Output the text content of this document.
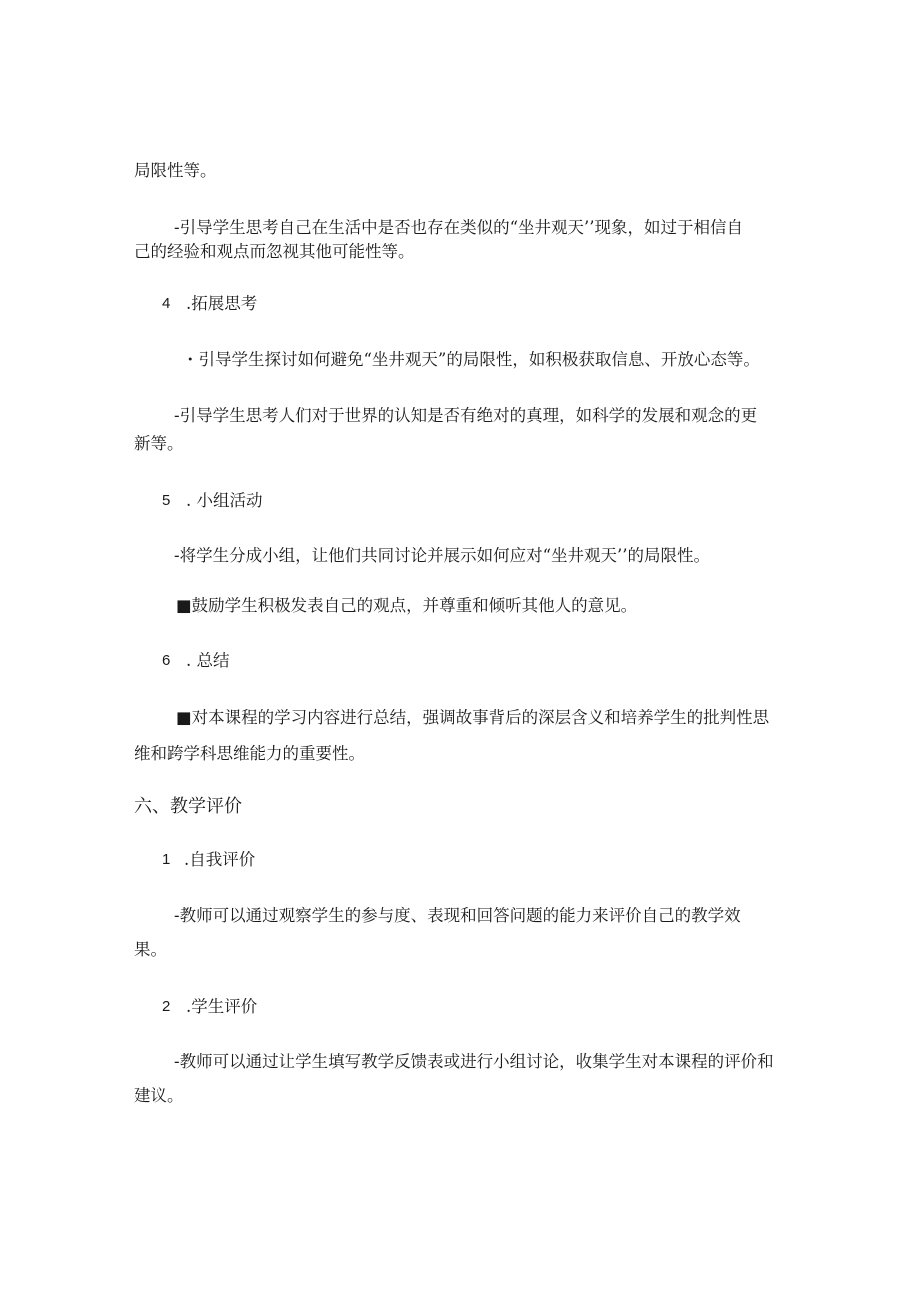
局限性等。
-引导学生思考自己在生活中是否也存在类似的“坐井观天’’现象，如过于相信自
己的经验和观点而忽视其他可能性等。
4 .拓展思考
・引导学生探讨如何避免“坐井观天”的局限性，如积极获取信息、开放心态等。
-引导学生思考人们对于世界的认知是否有绝对的真理，如科学的发展和观念的更
新等。
5 . 小组活动
-将学生分成小组，让他们共同讨论并展示如何应对“坐井观天’’的局限性。
■鼓励学生积极发表自己的观点，并尊重和倾听其他人的意见。
6 . 总结
■对本课程的学习内容进行总结，强调故事背后的深层含义和培养学生的批判性思
维和跨学科思维能力的重要性。
六、教学评价
1 .自我评价
-教师可以通过观察学生的参与度、表现和回答问题的能力来评价自己的教学效
果。
2 .学生评价
-教师可以通过让学生填写教学反馈表或进行小组讨论，收集学生对本课程的评价和
建议。
